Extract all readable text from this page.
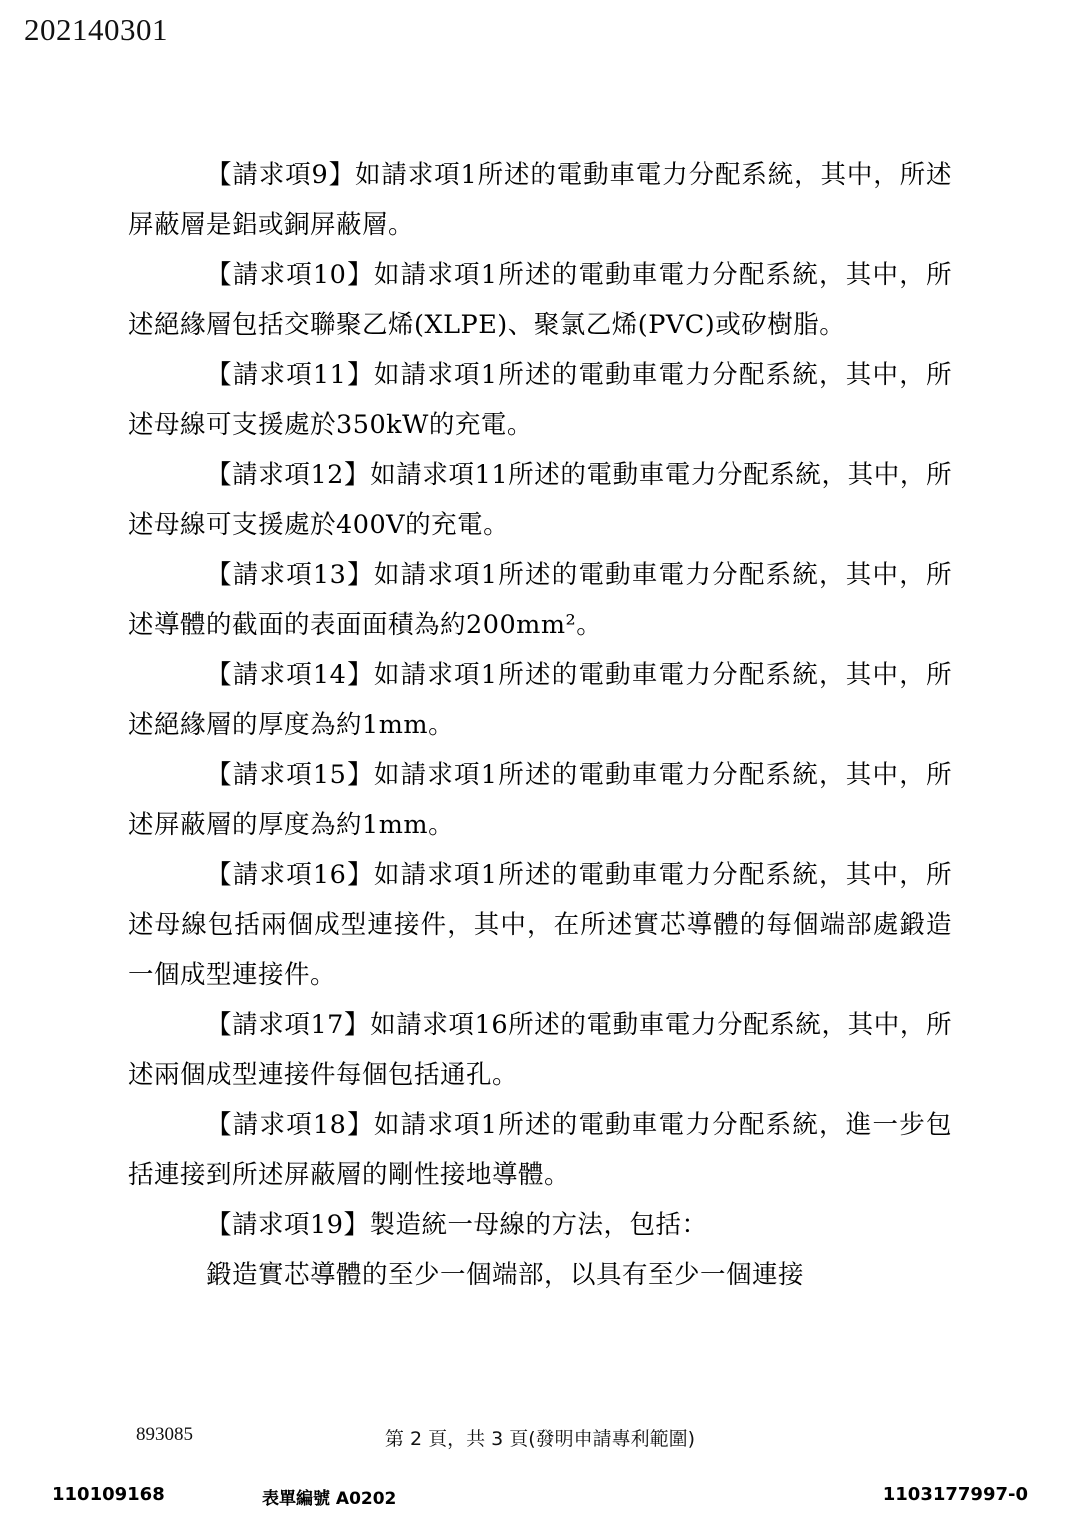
202140301

【請求項9】如請求項1所述的電動車電力分配系統，其中，所述屏蔽層是鋁或銅屏蔽層。

【請求項10】如請求項1所述的電動車電力分配系統，其中，所述絕緣層包括交聯聚乙烯(XLPE)、聚氯乙烯(PVC)或矽樹脂。

【請求項11】如請求項1所述的電動車電力分配系統，其中，所述母線可支援處於350kW的充電。

【請求項12】如請求項11所述的電動車電力分配系統，其中，所述母線可支援處於400V的充電。

【請求項13】如請求項1所述的電動車電力分配系統，其中，所述導體的截面的表面面積為約200mm²。

【請求項14】如請求項1所述的電動車電力分配系統，其中，所述絕緣層的厚度為約1mm。

【請求項15】如請求項1所述的電動車電力分配系統，其中，所述屏蔽層的厚度為約1mm。

【請求項16】如請求項1所述的電動車電力分配系統，其中，所述母線包括兩個成型連接件，其中，在所述實芯導體的每個端部處鍛造一個成型連接件。

【請求項17】如請求項16所述的電動車電力分配系統，其中，所述兩個成型連接件每個包括通孔。

【請求項18】如請求項1所述的電動車電力分配系統，進一步包括連接到所述屏蔽層的剛性接地導體。

【請求項19】製造統一母線的方法，包括：

鍛造實芯導體的至少一個端部，以具有至少一個連接

893085	第 2 頁，共 3 頁(發明申請專利範圍)
110109168	表單編號 A0202	1103177997-0
